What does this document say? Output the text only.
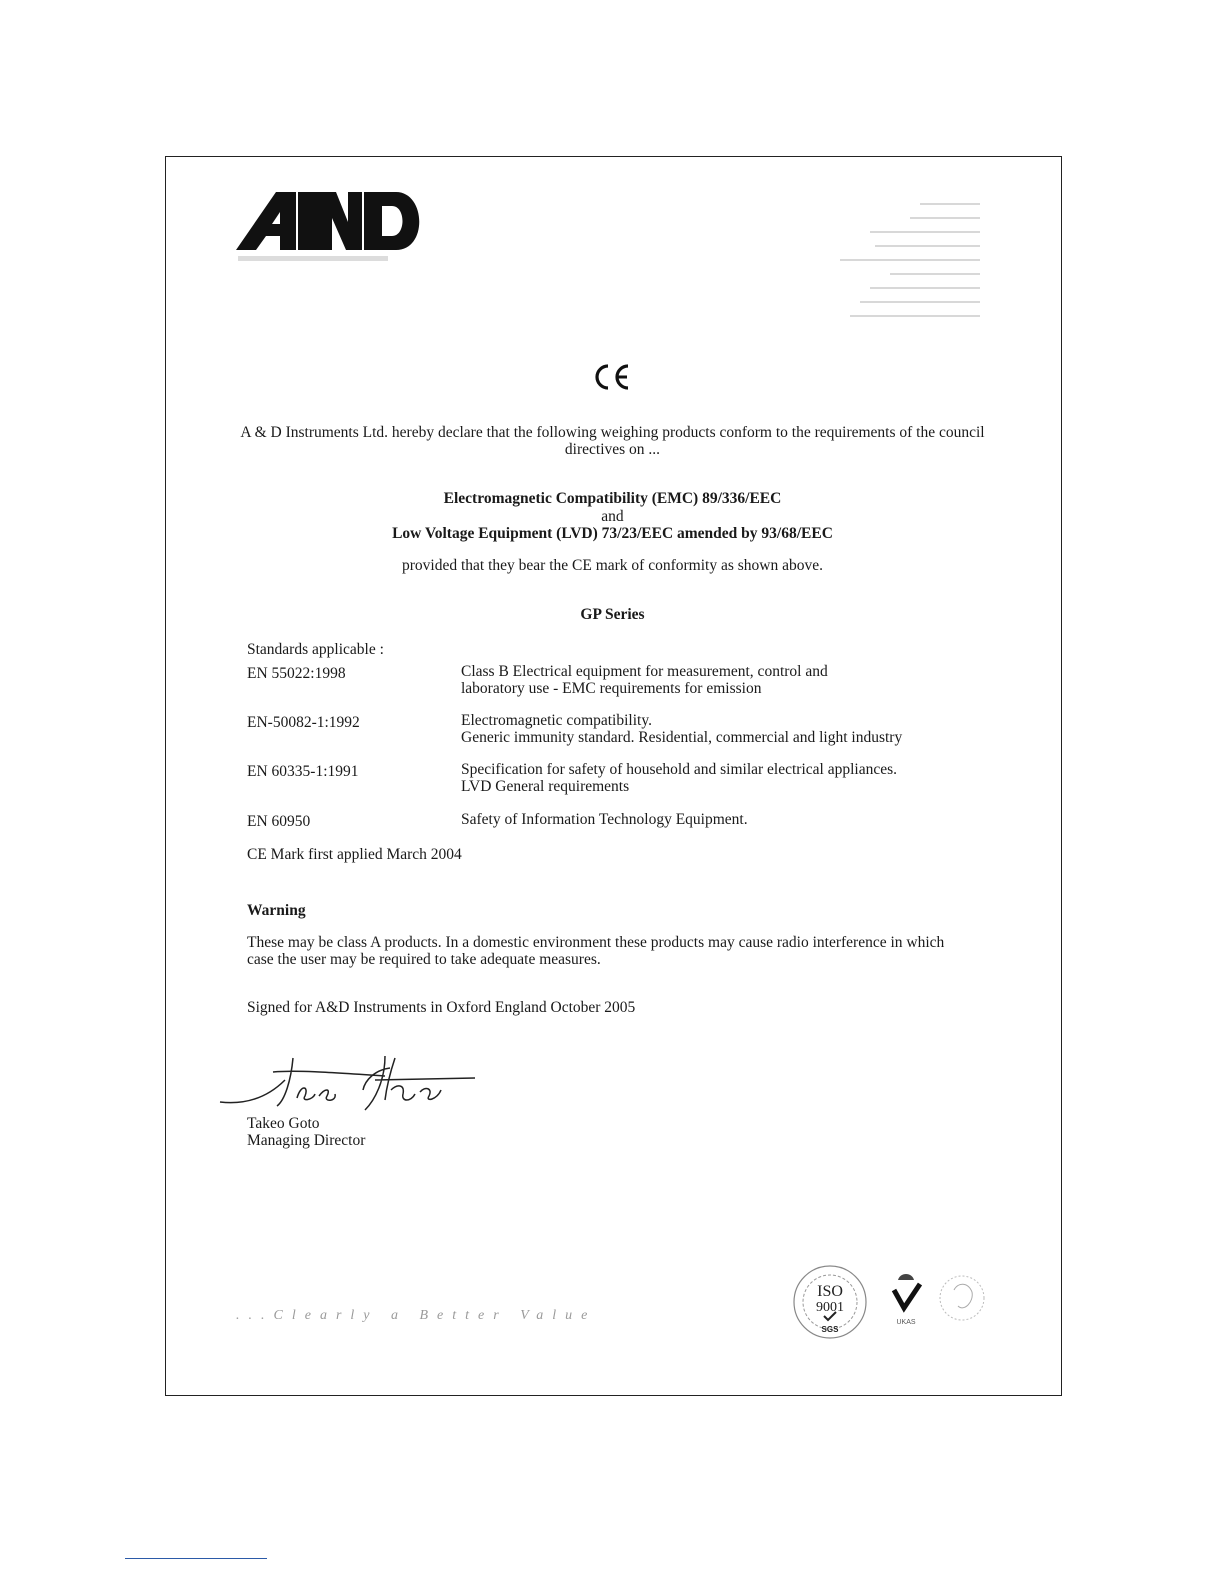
A & D Instruments Ltd. hereby declare that the following weighing products conform to the requirements of the council directives on ...
Electromagnetic Compatibility (EMC) 89/336/EEC
and
Low Voltage Equipment (LVD) 73/23/EEC amended by 93/68/EEC
provided that they bear the CE mark of conformity as shown above.
GP Series
Standards applicable :
EN 55022:1998	Class B Electrical equipment for measurement, control and
laboratory use - EMC requirements for emission
EN-50082-1:1992	Electromagnetic compatibility.
Generic immunity standard. Residential, commercial and light industry
EN 60335-1:1991	Specification for safety of household and similar electrical appliances.
LVD General requirements
EN 60950	Safety of Information Technology Equipment.
CE Mark first applied March 2004
Warning
These may be class A products. In a domestic environment these products may cause radio interference in which case the user may be required to take adequate measures.
Signed for A&D Instruments in Oxford England October 2005
Takeo Goto
Managing Director
...Clearly a Better Value
ISO
9001
SGS
UKAS
